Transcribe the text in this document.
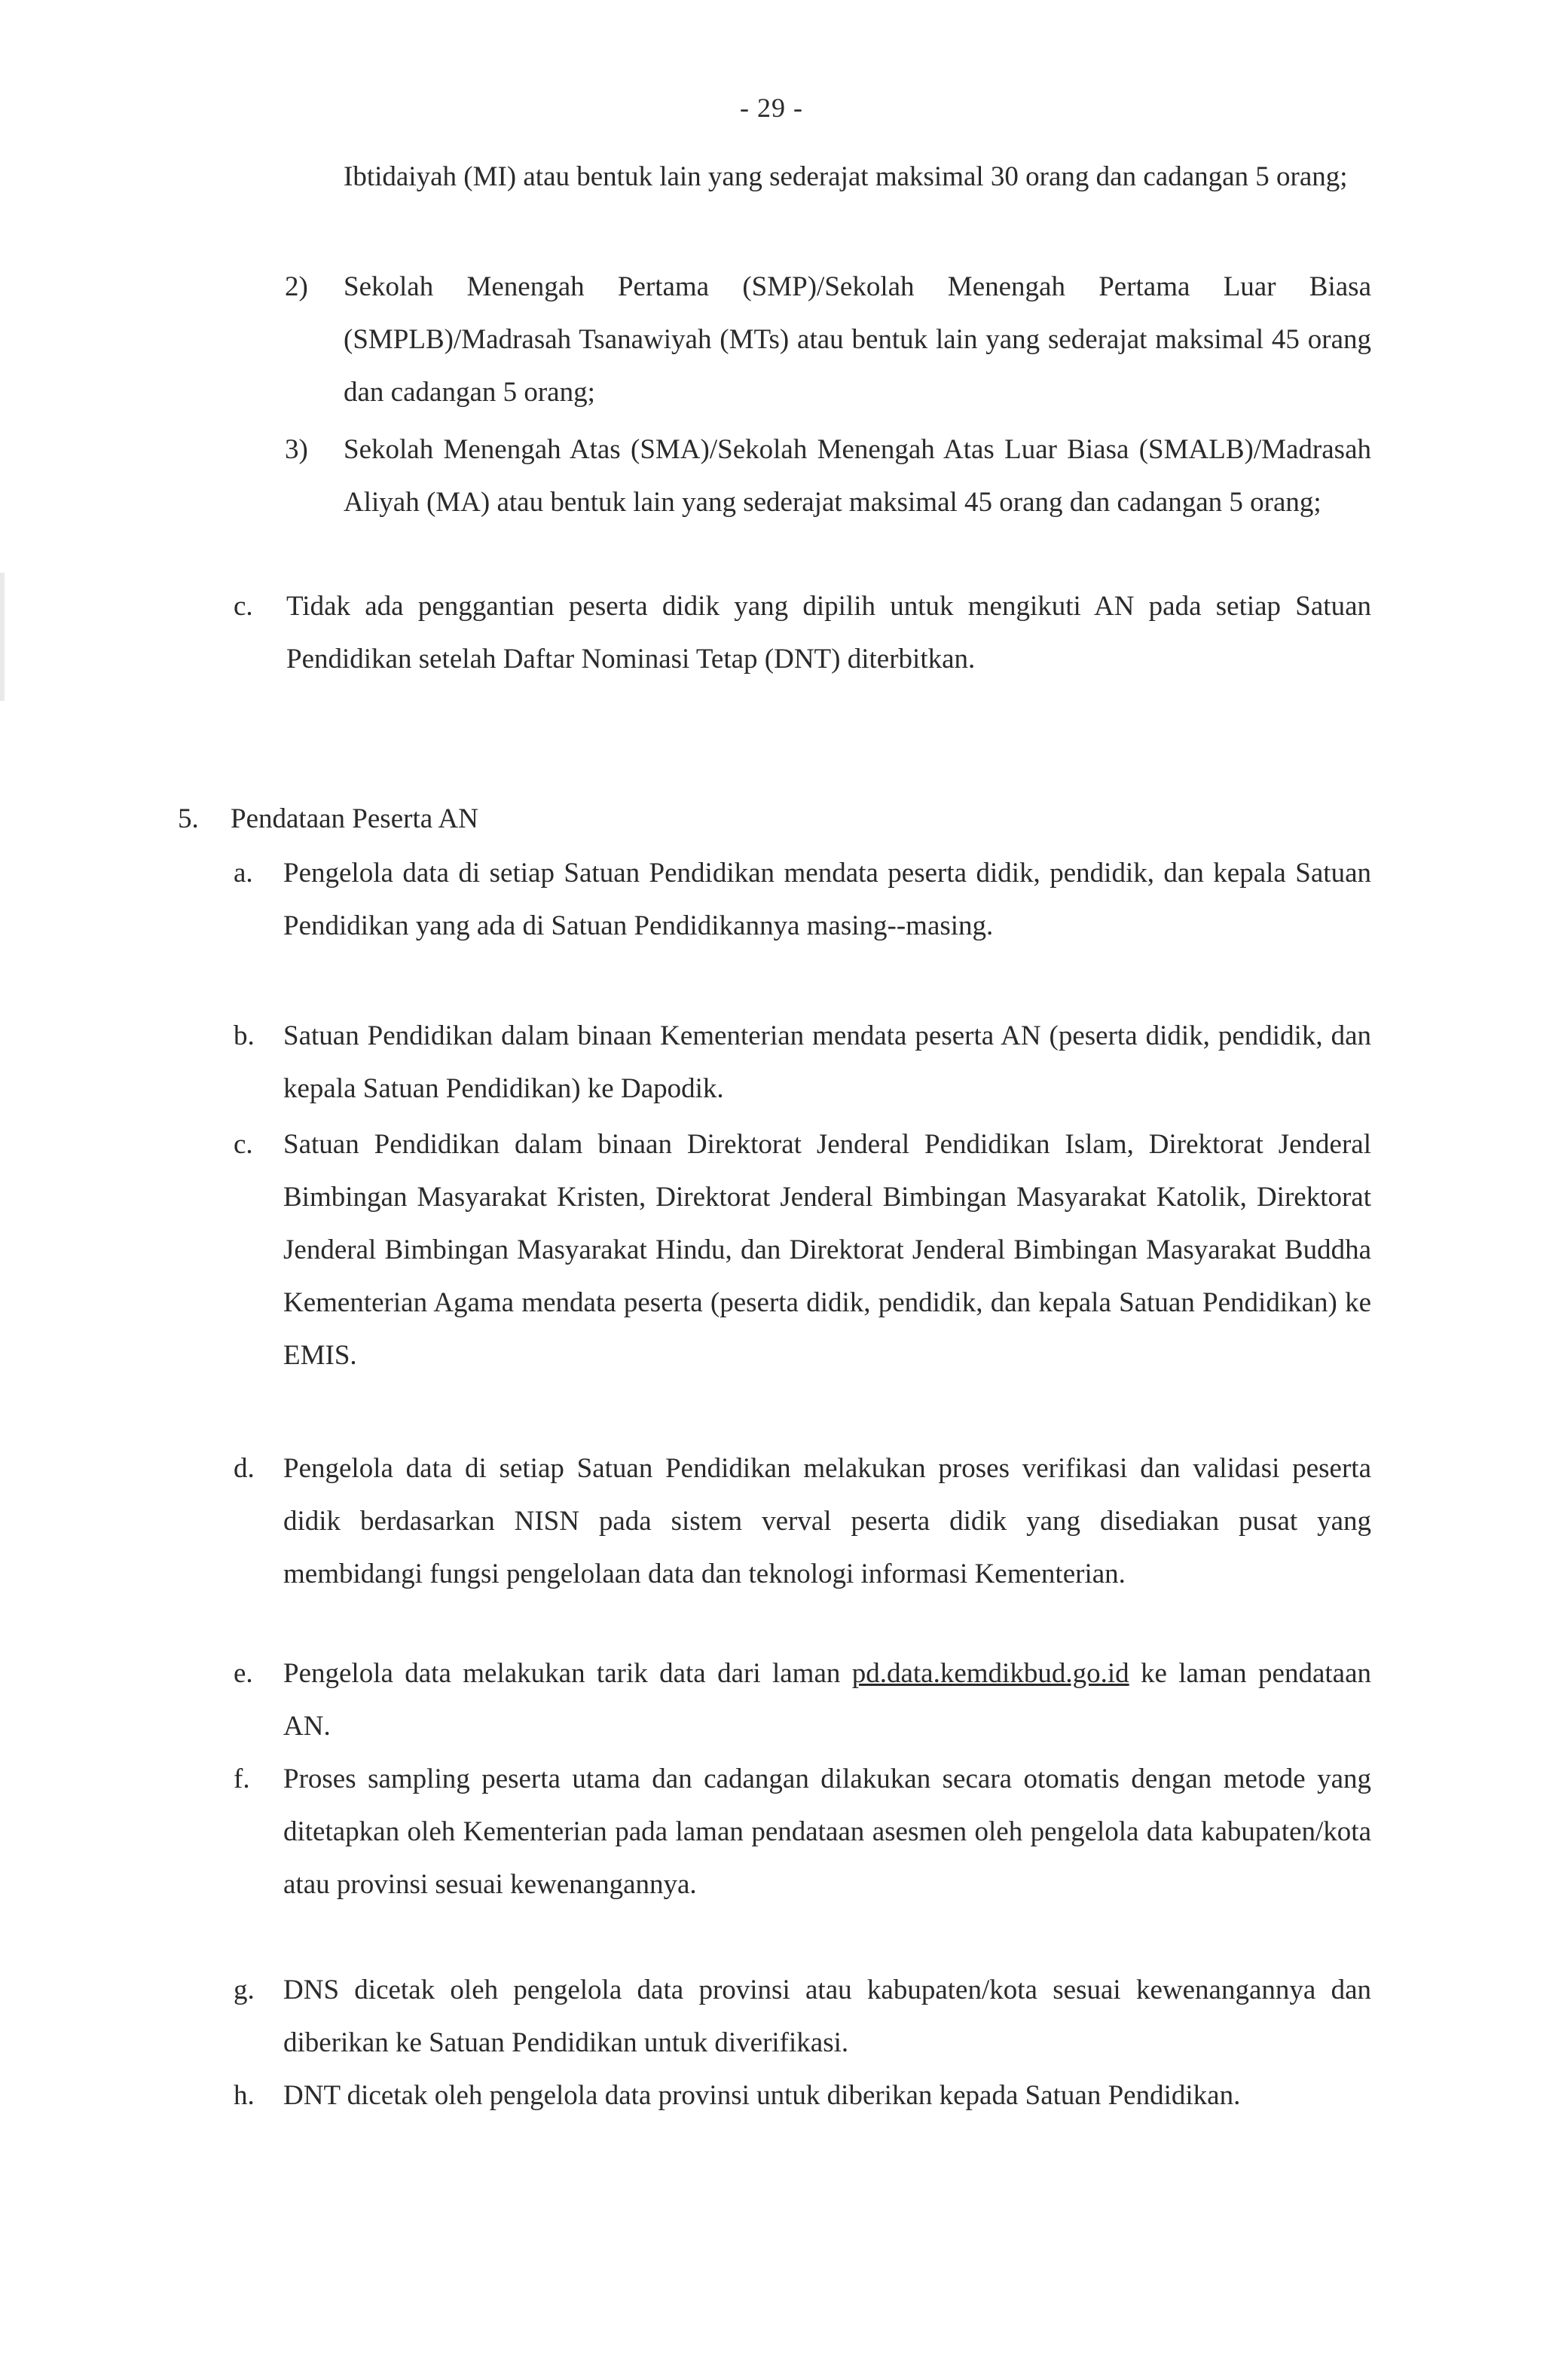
- 29 -

Ibtidaiyah (MI) atau bentuk lain yang sederajat maksimal 30 orang dan cadangan 5 orang;

2) Sekolah Menengah Pertama (SMP)/Sekolah Menengah Pertama Luar Biasa (SMPLB)/Madrasah Tsanawiyah (MTs) atau bentuk lain yang sederajat maksimal 45 orang dan cadangan 5 orang;

3) Sekolah Menengah Atas (SMA)/Sekolah Menengah Atas Luar Biasa (SMALB)/Madrasah Aliyah (MA) atau bentuk lain yang sederajat maksimal 45 orang dan cadangan 5 orang;

c. Tidak ada penggantian peserta didik yang dipilih untuk mengikuti AN pada setiap Satuan Pendidikan setelah Daftar Nominasi Tetap (DNT) diterbitkan.

5. Pendataan Peserta AN
a. Pengelola data di setiap Satuan Pendidikan mendata peserta didik, pendidik, dan kepala Satuan Pendidikan yang ada di Satuan Pendidikannya masing--masing.

b. Satuan Pendidikan dalam binaan Kementerian mendata peserta AN (peserta didik, pendidik, dan kepala Satuan Pendidikan) ke Dapodik.

c. Satuan Pendidikan dalam binaan Direktorat Jenderal Pendidikan Islam, Direktorat Jenderal Bimbingan Masyarakat Kristen, Direktorat Jenderal Bimbingan Masyarakat Katolik, Direktorat Jenderal Bimbingan Masyarakat Hindu, dan Direktorat Jenderal Bimbingan Masyarakat Buddha Kementerian Agama mendata peserta (peserta didik, pendidik, dan kepala Satuan Pendidikan) ke EMIS.

d. Pengelola data di setiap Satuan Pendidikan melakukan proses verifikasi dan validasi peserta didik berdasarkan NISN pada sistem verval peserta didik yang disediakan pusat yang membidangi fungsi pengelolaan data dan teknologi informasi Kementerian.

e. Pengelola data melakukan tarik data dari laman pd.data.kemdikbud.go.id ke laman pendataan AN.

f. Proses sampling peserta utama dan cadangan dilakukan secara otomatis dengan metode yang ditetapkan oleh Kementerian pada laman pendataan asesmen oleh pengelola data kabupaten/kota atau provinsi sesuai kewenangannya.

g. DNS dicetak oleh pengelola data provinsi atau kabupaten/kota sesuai kewenangannya dan diberikan ke Satuan Pendidikan untuk diverifikasi.

h. DNT dicetak oleh pengelola data provinsi untuk diberikan kepada Satuan Pendidikan.
